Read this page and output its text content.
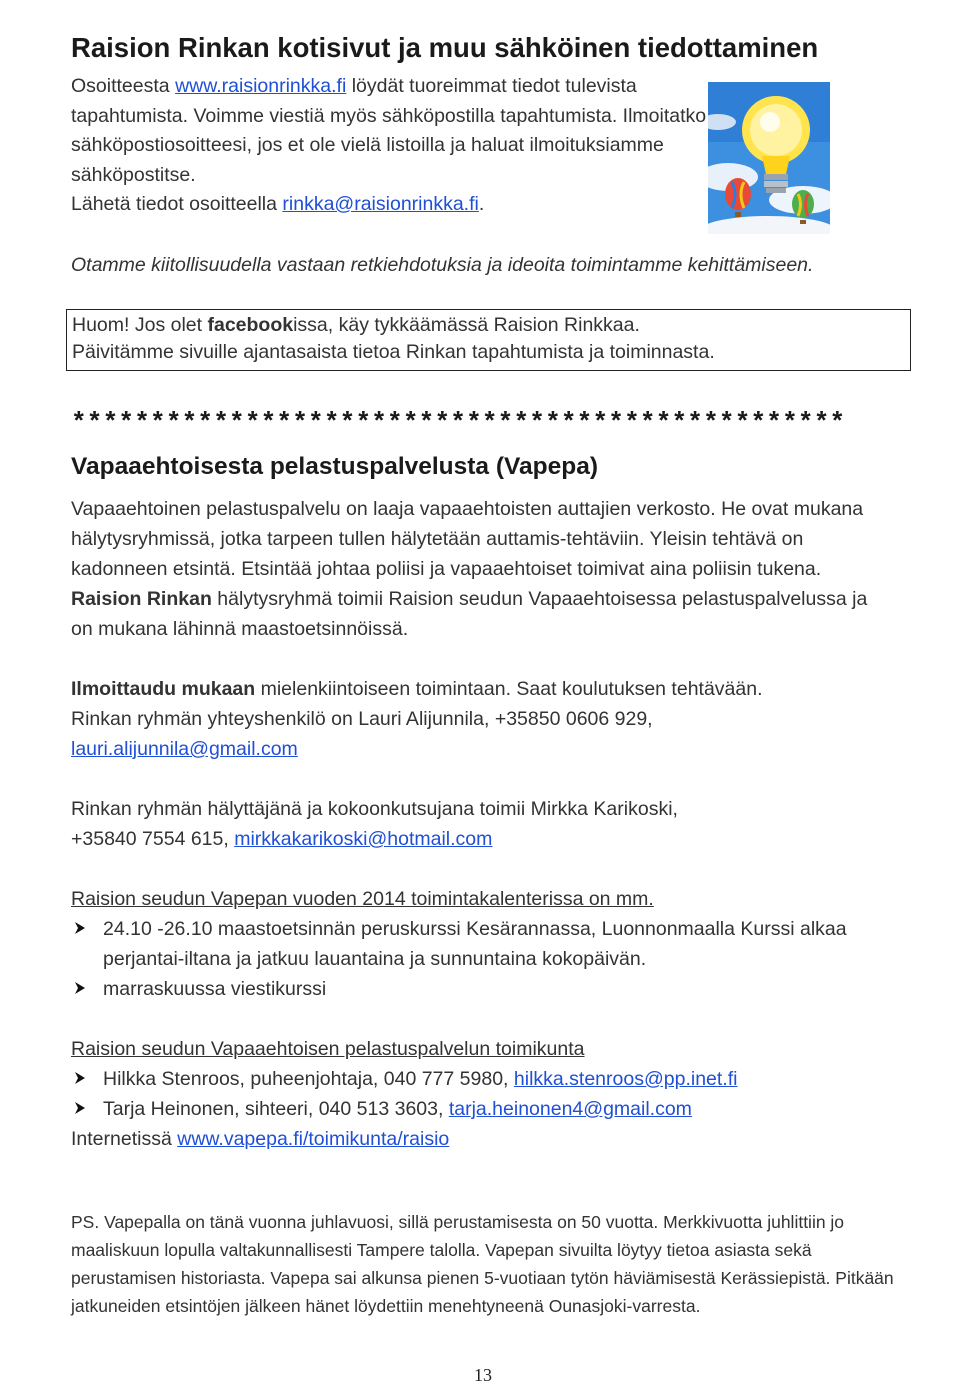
Raision Rinkan kotisivut ja muu sähköinen tiedottaminen

Osoitteesta www.raisionrinkka.fi löydät tuoreimmat tiedot tulevista tapahtumista. Voimme viestiä myös sähköpostilla tapahtumista. Ilmoitatko sähköpostiosoitteesi, jos et ole vielä listoilla ja haluat ilmoituksiamme sähköpostitse.

Lähetä tiedot osoitteella rinkka@raisionrinkka.fi.

Otamme kiitollisuudella vastaan retkiehdotuksia ja ideoita toimintamme kehittämiseen.
Huom! Jos olet facebookissa, käy tykkäämässä Raision Rinkkaa.
Päivitämme sivuille ajantasaista tietoa Rinkan tapahtumista ja toiminnasta.
*************************************************
Vapaaehtoisesta pelastuspalvelusta (Vapepa)

Vapaaehtoinen pelastuspalvelu on laaja vapaaehtoisten auttajien verkosto. He ovat mukana hälytysryhmissä, jotka tarpeen tullen hälytetään auttamis-tehtäviin. Yleisin tehtävä on kadonneen etsintä. Etsintää johtaa poliisi ja vapaaehtoiset toimivat aina poliisin tukena.

Raision Rinkan hälytysryhmä toimii Raision seudun Vapaaehtoisessa pelastuspalvelussa ja on mukana lähinnä maastoetsinnöissä.

Ilmoittaudu mukaan mielenkiintoiseen toimintaan. Saat koulutuksen tehtävään.

Rinkan ryhmän yhteyshenkilö on Lauri Alijunnila, +35850 0606 929,

lauri.alijunnila@gmail.com

Rinkan ryhmän hälyttäjänä ja kokoonkutsujana toimii Mirkka Karikoski,

+35840 7554 615, mirkkakarikoski@hotmail.com

Raision seudun Vapepan vuoden 2014 toimintakalenterissa on mm.

24.10 -26.10 maastoetsinnän peruskurssi Kesärannassa, Luonnonmaalla Kurssi alkaa perjantai-iltana ja jatkuu lauantaina ja sunnuntaina kokopäivän.
marraskuussa viestikurssi

Raision seudun Vapaaehtoisen pelastuspalvelun toimikunta

Hilkka Stenroos, puheenjohtaja, 040 777 5980, hilkka.stenroos@pp.inet.fi
Tarja Heinonen, sihteeri, 040 513 3603, tarja.heinonen4@gmail.com

Internetissä www.vapepa.fi/toimikunta/raisio

PS. Vapepalla on tänä vuonna juhlavuosi, sillä perustamisesta on 50 vuotta. Merkkivuotta juhlittiin jo maaliskuun lopulla valtakunnallisesti Tampere talolla. Vapepan sivuilta löytyy tietoa asiasta sekä perustamisen historiasta. Vapepa sai alkunsa pienen 5-vuotiaan tytön häviämisestä Kerässiepistä. Pitkään jatkuneiden etsintöjen jälkeen hänet löydettiin menehtyneenä Ounasjoki-varresta.

13
